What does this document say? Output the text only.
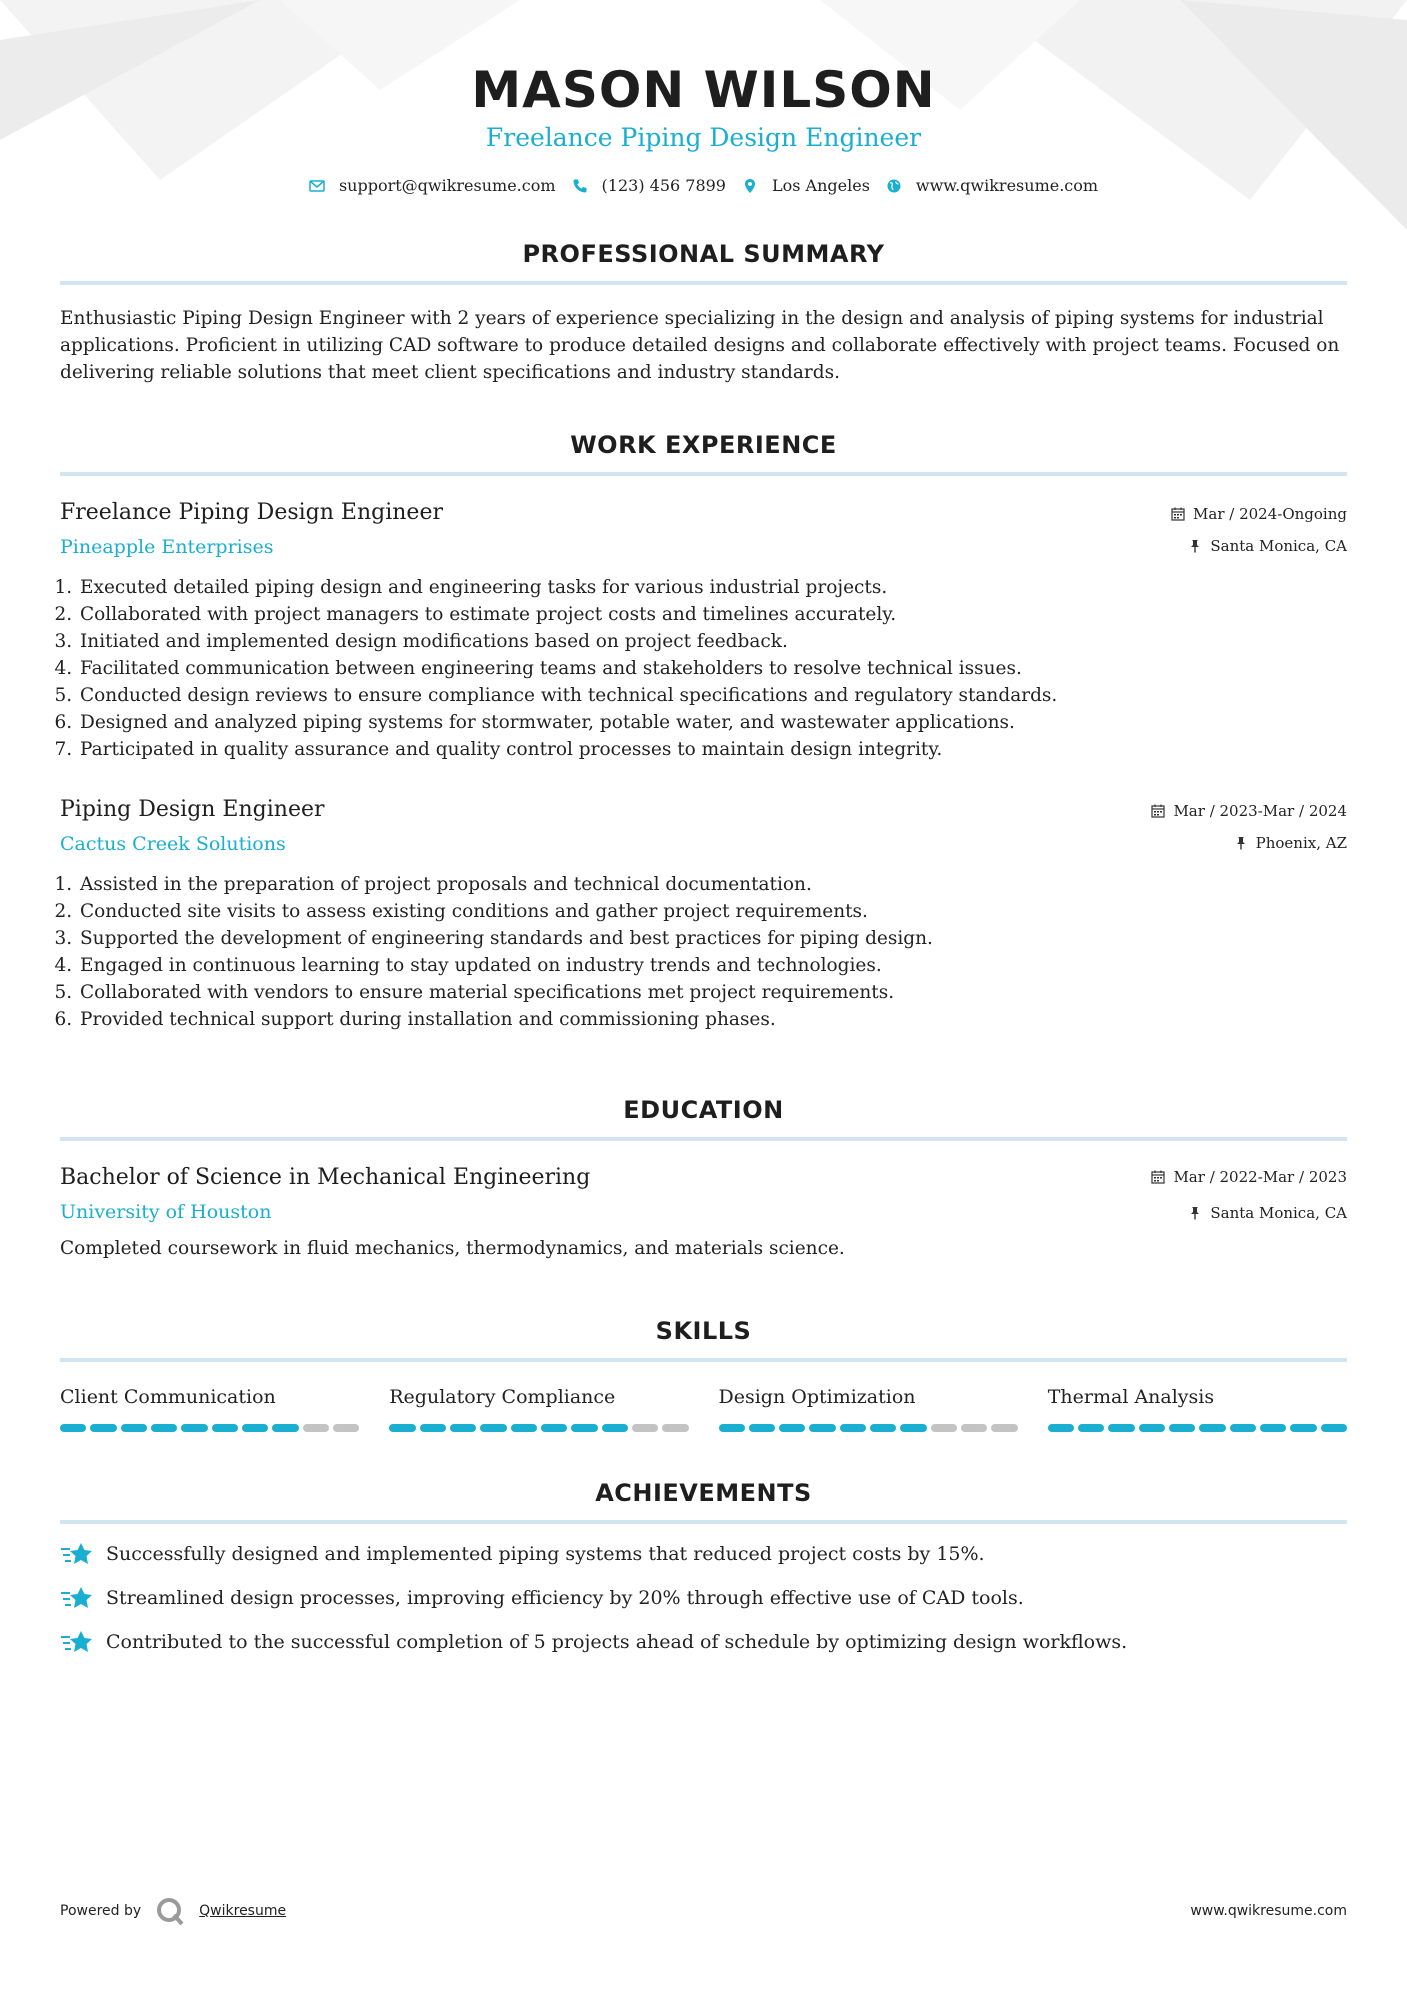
MASON WILSON
Freelance Piping Design Engineer
support@qwikresume.com	(123) 456 7899	Los Angeles	www.qwikresume.com
PROFESSIONAL SUMMARY
Enthusiastic Piping Design Engineer with 2 years of experience specializing in the design and analysis of piping systems for industrial applications. Proficient in utilizing CAD software to produce detailed designs and collaborate effectively with project teams. Focused on delivering reliable solutions that meet client specifications and industry standards.
WORK EXPERIENCE
Freelance Piping Design Engineer
Pineapple Enterprises
Mar / 2024-Ongoing
Santa Monica, CA
1. Executed detailed piping design and engineering tasks for various industrial projects.
2. Collaborated with project managers to estimate project costs and timelines accurately.
3. Initiated and implemented design modifications based on project feedback.
4. Facilitated communication between engineering teams and stakeholders to resolve technical issues.
5. Conducted design reviews to ensure compliance with technical specifications and regulatory standards.
6. Designed and analyzed piping systems for stormwater, potable water, and wastewater applications.
7. Participated in quality assurance and quality control processes to maintain design integrity.
Piping Design Engineer
Cactus Creek Solutions
Mar / 2023-Mar / 2024
Phoenix, AZ
1. Assisted in the preparation of project proposals and technical documentation.
2. Conducted site visits to assess existing conditions and gather project requirements.
3. Supported the development of engineering standards and best practices for piping design.
4. Engaged in continuous learning to stay updated on industry trends and technologies.
5. Collaborated with vendors to ensure material specifications met project requirements.
6. Provided technical support during installation and commissioning phases.
EDUCATION
Bachelor of Science in Mechanical Engineering
University of Houston
Mar / 2022-Mar / 2023
Santa Monica, CA
Completed coursework in fluid mechanics, thermodynamics, and materials science.
SKILLS
Client Communication	Regulatory Compliance	Design Optimization	Thermal Analysis
ACHIEVEMENTS
Successfully designed and implemented piping systems that reduced project costs by 15%.
Streamlined design processes, improving efficiency by 20% through effective use of CAD tools.
Contributed to the successful completion of 5 projects ahead of schedule by optimizing design workflows.
Powered by	Qwikresume	www.qwikresume.com
